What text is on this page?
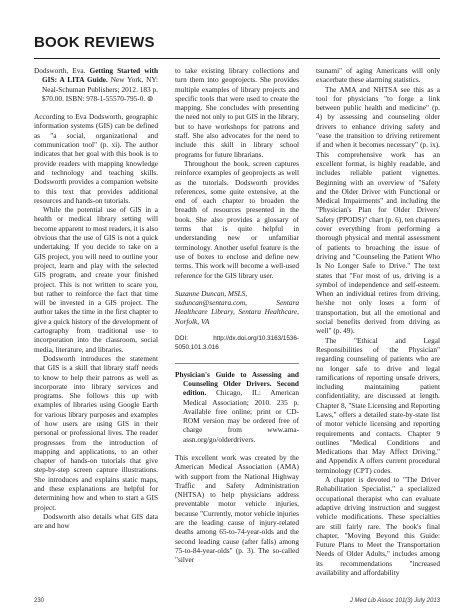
BOOK REVIEWS

Dodsworth, Eva. Getting Started with GIS: A LITA Guide. New York, NY: Neal-Schuman Publishers; 2012. 183 p. $70.00. ISBN: 978-1-55570-795-0. ⊚

According to Eva Dodsworth, geographic information systems (GIS) can be defined as "a social, organizational and communication tool" (p. xi). The author indicates that her goal with this book is to provide readers with mapping knowledge and technology and teaching skills. Dodsworth provides a companion website to this text that provides additional resources and hands-on tutorials.

While the potential use of GIS in a health or medical library setting will become apparent to most readers, it is also obvious that the use of GIS is not a quick undertaking. If you decide to take on a GIS project, you will need to outline your project, learn and play with the selected GIS program, and create your finished project. This is not written to scare you, but rather to reinforce the fact that time will be invested in a GIS project. The author takes the time in the first chapter to give a quick history of the development of cartography from traditional use to incorporation into the classroom, social media, literature, and libraries.

Dodsworth introduces the statement that GIS is a skill that library staff needs to know to help their patrons as well as incorporate into library services and programs. She follows this up with examples of libraries using Google Earth for various library purposes and examples of how users are using GIS in their personal or professional lives. The reader progresses from the introduction of mapping and applications, to an other chapter of hands-on tutorials that give step-by-step screen capture illustrations. She introduces and explains static maps, and these explanations are helpful for determining how and when to start a GIS project.

Dodsworth also details what GIS data are and how

to take existing library collections and turn them into geoprojects. She provides multiple examples of library projects and specific tools that were used to create the mapping. She concludes with presenting the need not only to put GIS in the library, but to have workshops for patrons and staff. She also advocates for the need to include this skill in library school programs for future librarians.

Throughout the book, screen captures reinforce examples of geoprojects as well as the tutorials. Dodsworth provides references, some quite extensive, at the end of each chapter to broaden the breadth of resources presented in the book. She also provides a glossary of terms that is quite helpful in understanding new or unfamiliar terminology. Another useful feature is the use of boxes to enclose and define new terms. This work will become a well-used reference for the GIS library user.

Suzanne Duncan, MSLS,

sxduncan@sentara.com, Sentara Healthcare Library, Sentara Healthcare, Norfolk, VA

DOI: http://dx.doi.org/10.3163/1536-5050.101.3.016

Physician's Guide to Assessing and Counseling Older Drivers. Second edition. Chicago, IL: American Medical Association; 2010. 235 p. Available free online; print or CD-ROM version may be ordered free of charge from www.ama-assn.org/go/olderdrivers.

This excellent work was created by the American Medical Association (AMA) with support from the National Highway Traffic and Safety Administration (NHTSA) to help physicians address preventable motor vehicle injuries, because "Currently, motor vehicle injuries are the leading cause of injury-related deaths among 65-to-74-year-olds and the second leading cause (after falls) among 75-to-84-year-olds" (p. 3). The so-called "silver

tsunami" of aging Americans will only exacerbate these alarming statistics.

The AMA and NHTSA see this as a tool for physicians "to forge a link between public health and medicine" (p. 4) by assessing and counseling older drivers to enhance driving safety and "ease the transition to driving retirement if and when it becomes necessary" (p. ix). This comprehensive work has an excellent format, is highly readable, and includes reliable patient vignettes. Beginning with an overview of "Safety and the Older Driver with Functional or Medical Impairments" and including the "Physician's Plan for Older Drivers' Safety (PPODS)" chart (p. 6), ten chapters cover everything from performing a thorough physical and mental assessment of patients to broaching the issue of driving and "Counseling the Patient Who Is No Longer Safe to Drive." The text states that "For most of us, driving is a symbol of independence and self-esteem. When an individual retires from driving, he/she not only loses a form of transportation, but all the emotional and social benefits derived from driving as well" (p. 49).

The "Ethical and Legal Responsibilities of the Physician" regarding counseling of patients who are no longer safe to drive and legal ramifications of reporting unsafe drivers, including maintaining patient confidentiality, are discussed at length. Chapter 8, "State Licensing and Reporting Laws," offers a detailed state-by-state list of motor vehicle licensing and reporting requirements and contacts. Chapter 9 outlines "Medical Conditions and Medications that May Affect Driving," and Appendix A offers current procedural terminology (CPT) codes.

A chapter is devoted to "The Driver Rehabilitation Specialist," a specialized occupational therapist who can evaluate adaptive driving instruction and suggest vehicle modifications. These specialties are still fairly rare. The book's final chapter, "Moving Beyond this Guide: Future Plans to Meet the Transportation Needs of Older Adults," includes among its recommendations "increased availability and affordability

230	J Med Lib Assoc 101(3) July 2013
